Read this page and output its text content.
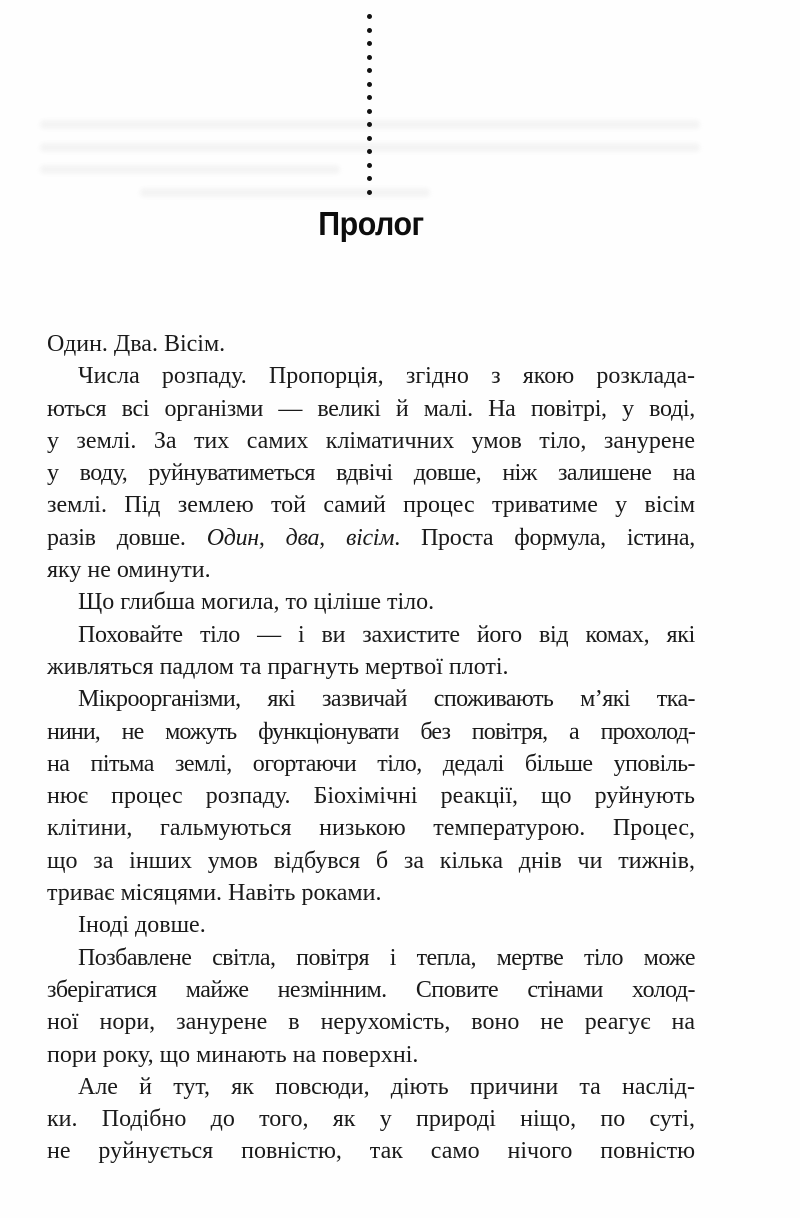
Пролог
Один. Два. Вісім.
Числа розпаду. Пропорція, згідно з якою розклада-
ються всі організми — великі й малі. На повітрі, у воді,
у землі. За тих самих кліматичних умов тіло, занурене
у воду, руйнуватиметься вдвічі довше, ніж залишене на
землі. Під землею той самий процес триватиме у вісім
разів довше. Один, два, вісім. Проста формула, істина,
яку не оминути.
Що глибша могила, то ціліше тіло.
Поховайте тіло — і ви захистите його від комах, які
живляться падлом та прагнуть мертвої плоті.
Мікроорганізми, які зазвичай споживають м’які тка-
нини, не можуть функціонувати без повітря, а прохолод-
на пітьма землі, огортаючи тіло, дедалі більше уповіль-
нює процес розпаду. Біохімічні реакції, що руйнують
клітини, гальмуються низькою температурою. Процес,
що за інших умов відбувся б за кілька днів чи тижнів,
триває місяцями. Навіть роками.
Іноді довше.
Позбавлене світла, повітря і тепла, мертве тіло може
зберігатися майже незмінним. Сповите стінами холод-
ної нори, занурене в нерухомість, воно не реагує на
пори року, що минають на поверхні.
Але й тут, як повсюди, діють причини та наслід-
ки. Подібно до того, як у природі ніщо, по суті,
не руйнується повністю, так само нічого повністю
